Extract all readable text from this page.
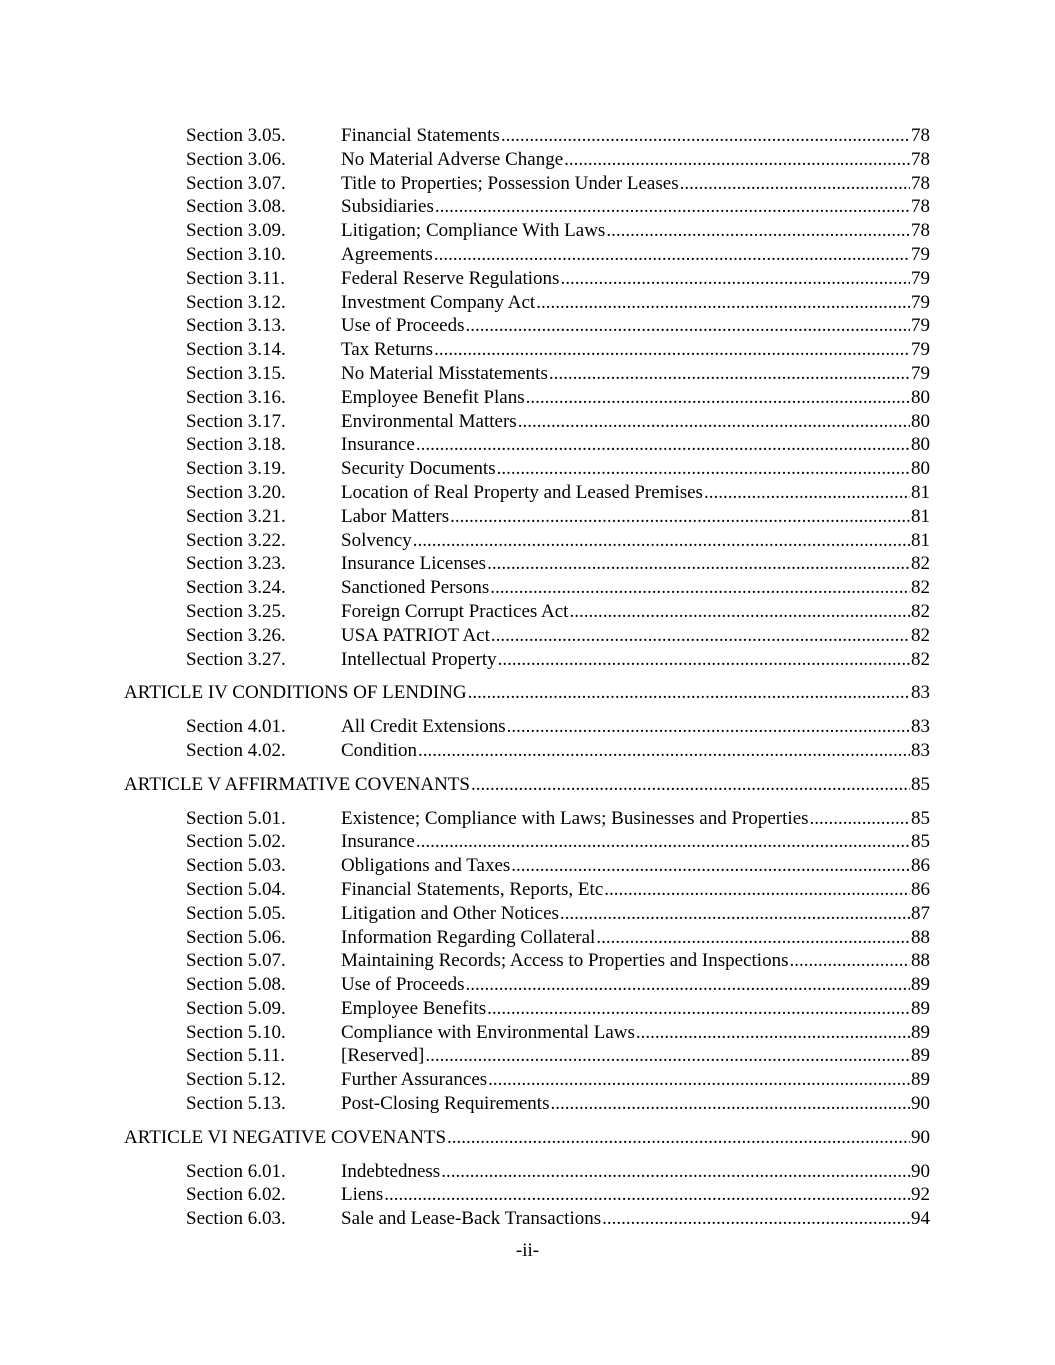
Section 3.05.	Financial Statements .....	78
Section 3.06.	No Material Adverse Change .....	78
Section 3.07.	Title to Properties; Possession Under Leases .....	78
Section 3.08.	Subsidiaries .....	78
Section 3.09.	Litigation; Compliance With Laws .....	78
Section 3.10.	Agreements .....	79
Section 3.11.	Federal Reserve Regulations .....	79
Section 3.12.	Investment Company Act .....	79
Section 3.13.	Use of Proceeds .....	79
Section 3.14.	Tax Returns .....	79
Section 3.15.	No Material Misstatements .....	79
Section 3.16.	Employee Benefit Plans .....	80
Section 3.17.	Environmental Matters .....	80
Section 3.18.	Insurance .....	80
Section 3.19.	Security Documents .....	80
Section 3.20.	Location of Real Property and Leased Premises .....	81
Section 3.21.	Labor Matters .....	81
Section 3.22.	Solvency .....	81
Section 3.23.	Insurance Licenses .....	82
Section 3.24.	Sanctioned Persons .....	82
Section 3.25.	Foreign Corrupt Practices Act .....	82
Section 3.26.	USA PATRIOT Act .....	82
Section 3.27.	Intellectual Property .....	82
ARTICLE IV CONDITIONS OF LENDING .....	83
Section 4.01.	All Credit Extensions .....	83
Section 4.02.	Condition .....	83
ARTICLE V AFFIRMATIVE COVENANTS .....	85
Section 5.01.	Existence; Compliance with Laws; Businesses and Properties .....	85
Section 5.02.	Insurance .....	85
Section 5.03.	Obligations and Taxes .....	86
Section 5.04.	Financial Statements, Reports, Etc .....	86
Section 5.05.	Litigation and Other Notices .....	87
Section 5.06.	Information Regarding Collateral .....	88
Section 5.07.	Maintaining Records; Access to Properties and Inspections .....	88
Section 5.08.	Use of Proceeds .....	89
Section 5.09.	Employee Benefits .....	89
Section 5.10.	Compliance with Environmental Laws .....	89
Section 5.11.	[Reserved] .....	89
Section 5.12.	Further Assurances .....	89
Section 5.13.	Post-Closing Requirements .....	90
ARTICLE VI NEGATIVE COVENANTS .....	90
Section 6.01.	Indebtedness .....	90
Section 6.02.	Liens .....	92
Section 6.03.	Sale and Lease-Back Transactions .....	94
-ii-
